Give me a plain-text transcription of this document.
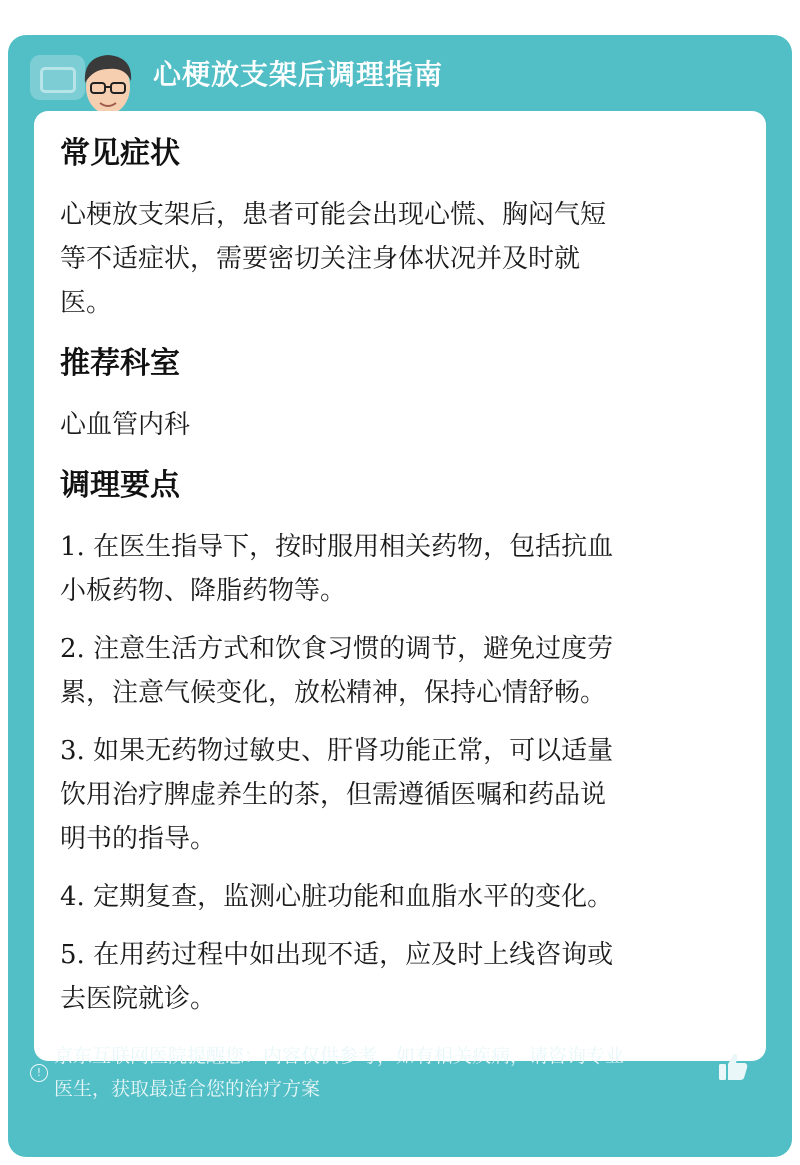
心梗放支架后调理指南
常见症状
心梗放支架后，患者可能会出现心慌、胸闷气短
等不适症状，需要密切关注身体状况并及时就
医。
推荐科室
心血管内科
调理要点
1. 在医生指导下，按时服用相关药物，包括抗血
小板药物、降脂药物等。
2. 注意生活方式和饮食习惯的调节，避免过度劳
累，注意气候变化，放松精神，保持心情舒畅。
3. 如果无药物过敏史、肝肾功能正常，可以适量
饮用治疗脾虚养生的茶，但需遵循医嘱和药品说
明书的指导。
4. 定期复查，监测心脏功能和血脂水平的变化。
5. 在用药过程中如出现不适，应及时上线咨询或
去医院就诊。
!
京东互联网医院提醒您：内容仅供参考，如有相关疾病，请咨询专业
医生，获取最适合您的治疗方案
